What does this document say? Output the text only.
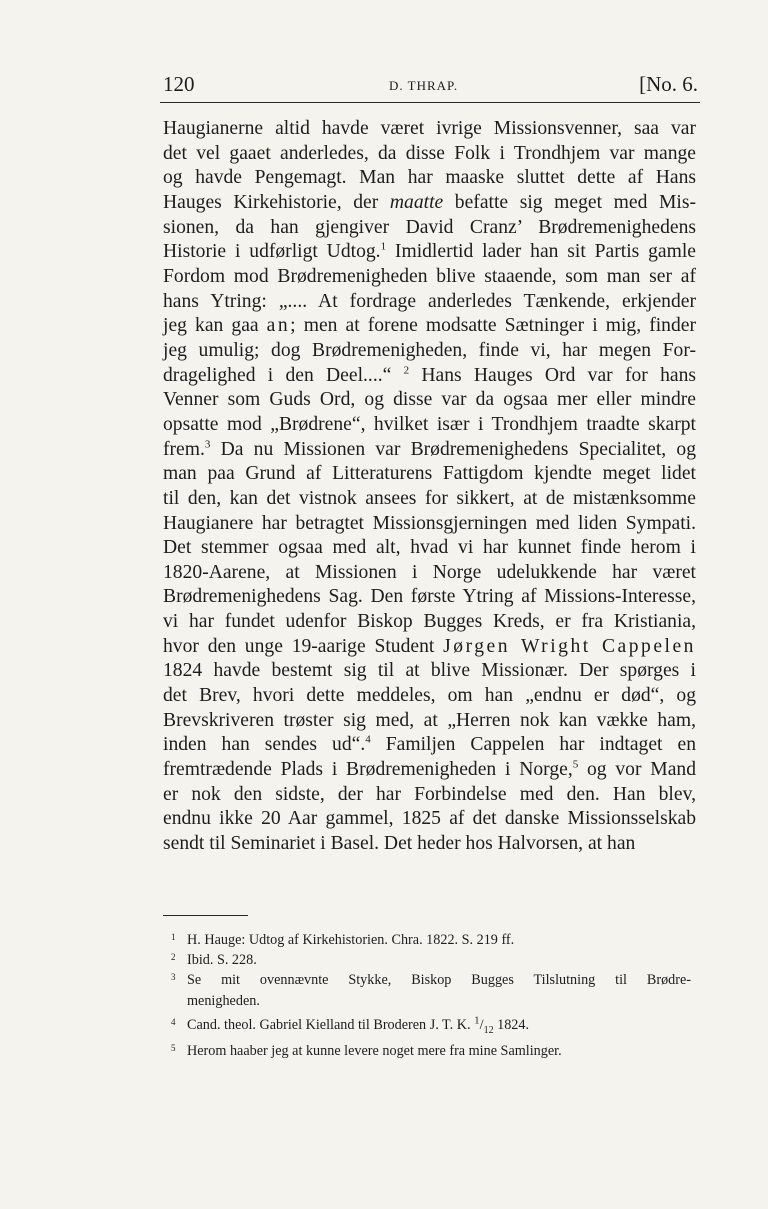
120	D. THRAP.	[No. 6.
Haugianerne altid havde været ivrige Missionsvenner, saa var
det vel gaaet anderledes, da disse Folk i Trondhjem var mange
og havde Pengemagt. Man har maaske sluttet dette af Hans
Hauges Kirkehistorie, der maatte befatte sig meget med Mis-
sionen, da han gjengiver David Cranz’ Brødremenighedens
Historie i udførligt Udtog.$^1$ Imidlertid lader han sit Partis gamle
Fordom mod Brødremenigheden blive staaende, som man ser af
hans Ytring: „.... At fordrage anderledes Tænkende, erkjender
jeg kan gaa an; men at forene modsatte Sætninger i mig, finder
jeg umulig; dog Brødremenigheden, finde vi, har megen For-
dragelighed i den Deel....“ $^2$ Hans Hauges Ord var for hans
Venner som Guds Ord, og disse var da ogsaa mer eller mindre
opsatte mod „Brødrene“, hvilket især i Trondhjem traadte skarpt
frem.$^3$ Da nu Missionen var Brødremenighedens Specialitet, og
man paa Grund af Litteraturens Fattigdom kjendte meget lidet
til den, kan det vistnok ansees for sikkert, at de mistænksomme
Haugianere har betragtet Missionsgjerningen med liden Sympati.
Det stemmer ogsaa med alt, hvad vi har kunnet finde herom i
1820-Aarene, at Missionen i Norge udelukkende har været
Brødremenighedens Sag. Den første Ytring af Missions-Interesse,
vi har fundet udenfor Biskop Bugges Kreds, er fra Kristiania,
hvor den unge 19-aarige Student Jørgen Wright Cappelen
1824 havde bestemt sig til at blive Missionær. Der spørges i
det Brev, hvori dette meddeles, om han „endnu er død“, og
Brevskriveren trøster sig med, at „Herren nok kan vække ham,
inden han sendes ud“.$^4$ Familjen Cappelen har indtaget en
fremtrædende Plads i Brødremenigheden i Norge,$^5$ og vor Mand
er nok den sidste, der har Forbindelse med den. Han blev,
endnu ikke 20 Aar gammel, 1825 af det danske Missionsselskab
sendt til Seminariet i Basel. Det heder hos Halvorsen, at han
1 H. Hauge: Udtog af Kirkehistorien. Chra. 1822. S. 219 ff.
2 Ibid. S. 228.
3 Se mit ovennævnte Stykke, Biskop Bugges Tilslutning til Brødre-
menigheden.
4 Cand. theol. Gabriel Kielland til Broderen J. T. K. $^1/_{12}$ 1824.
5 Herom haaber jeg at kunne levere noget mere fra mine Samlinger.
